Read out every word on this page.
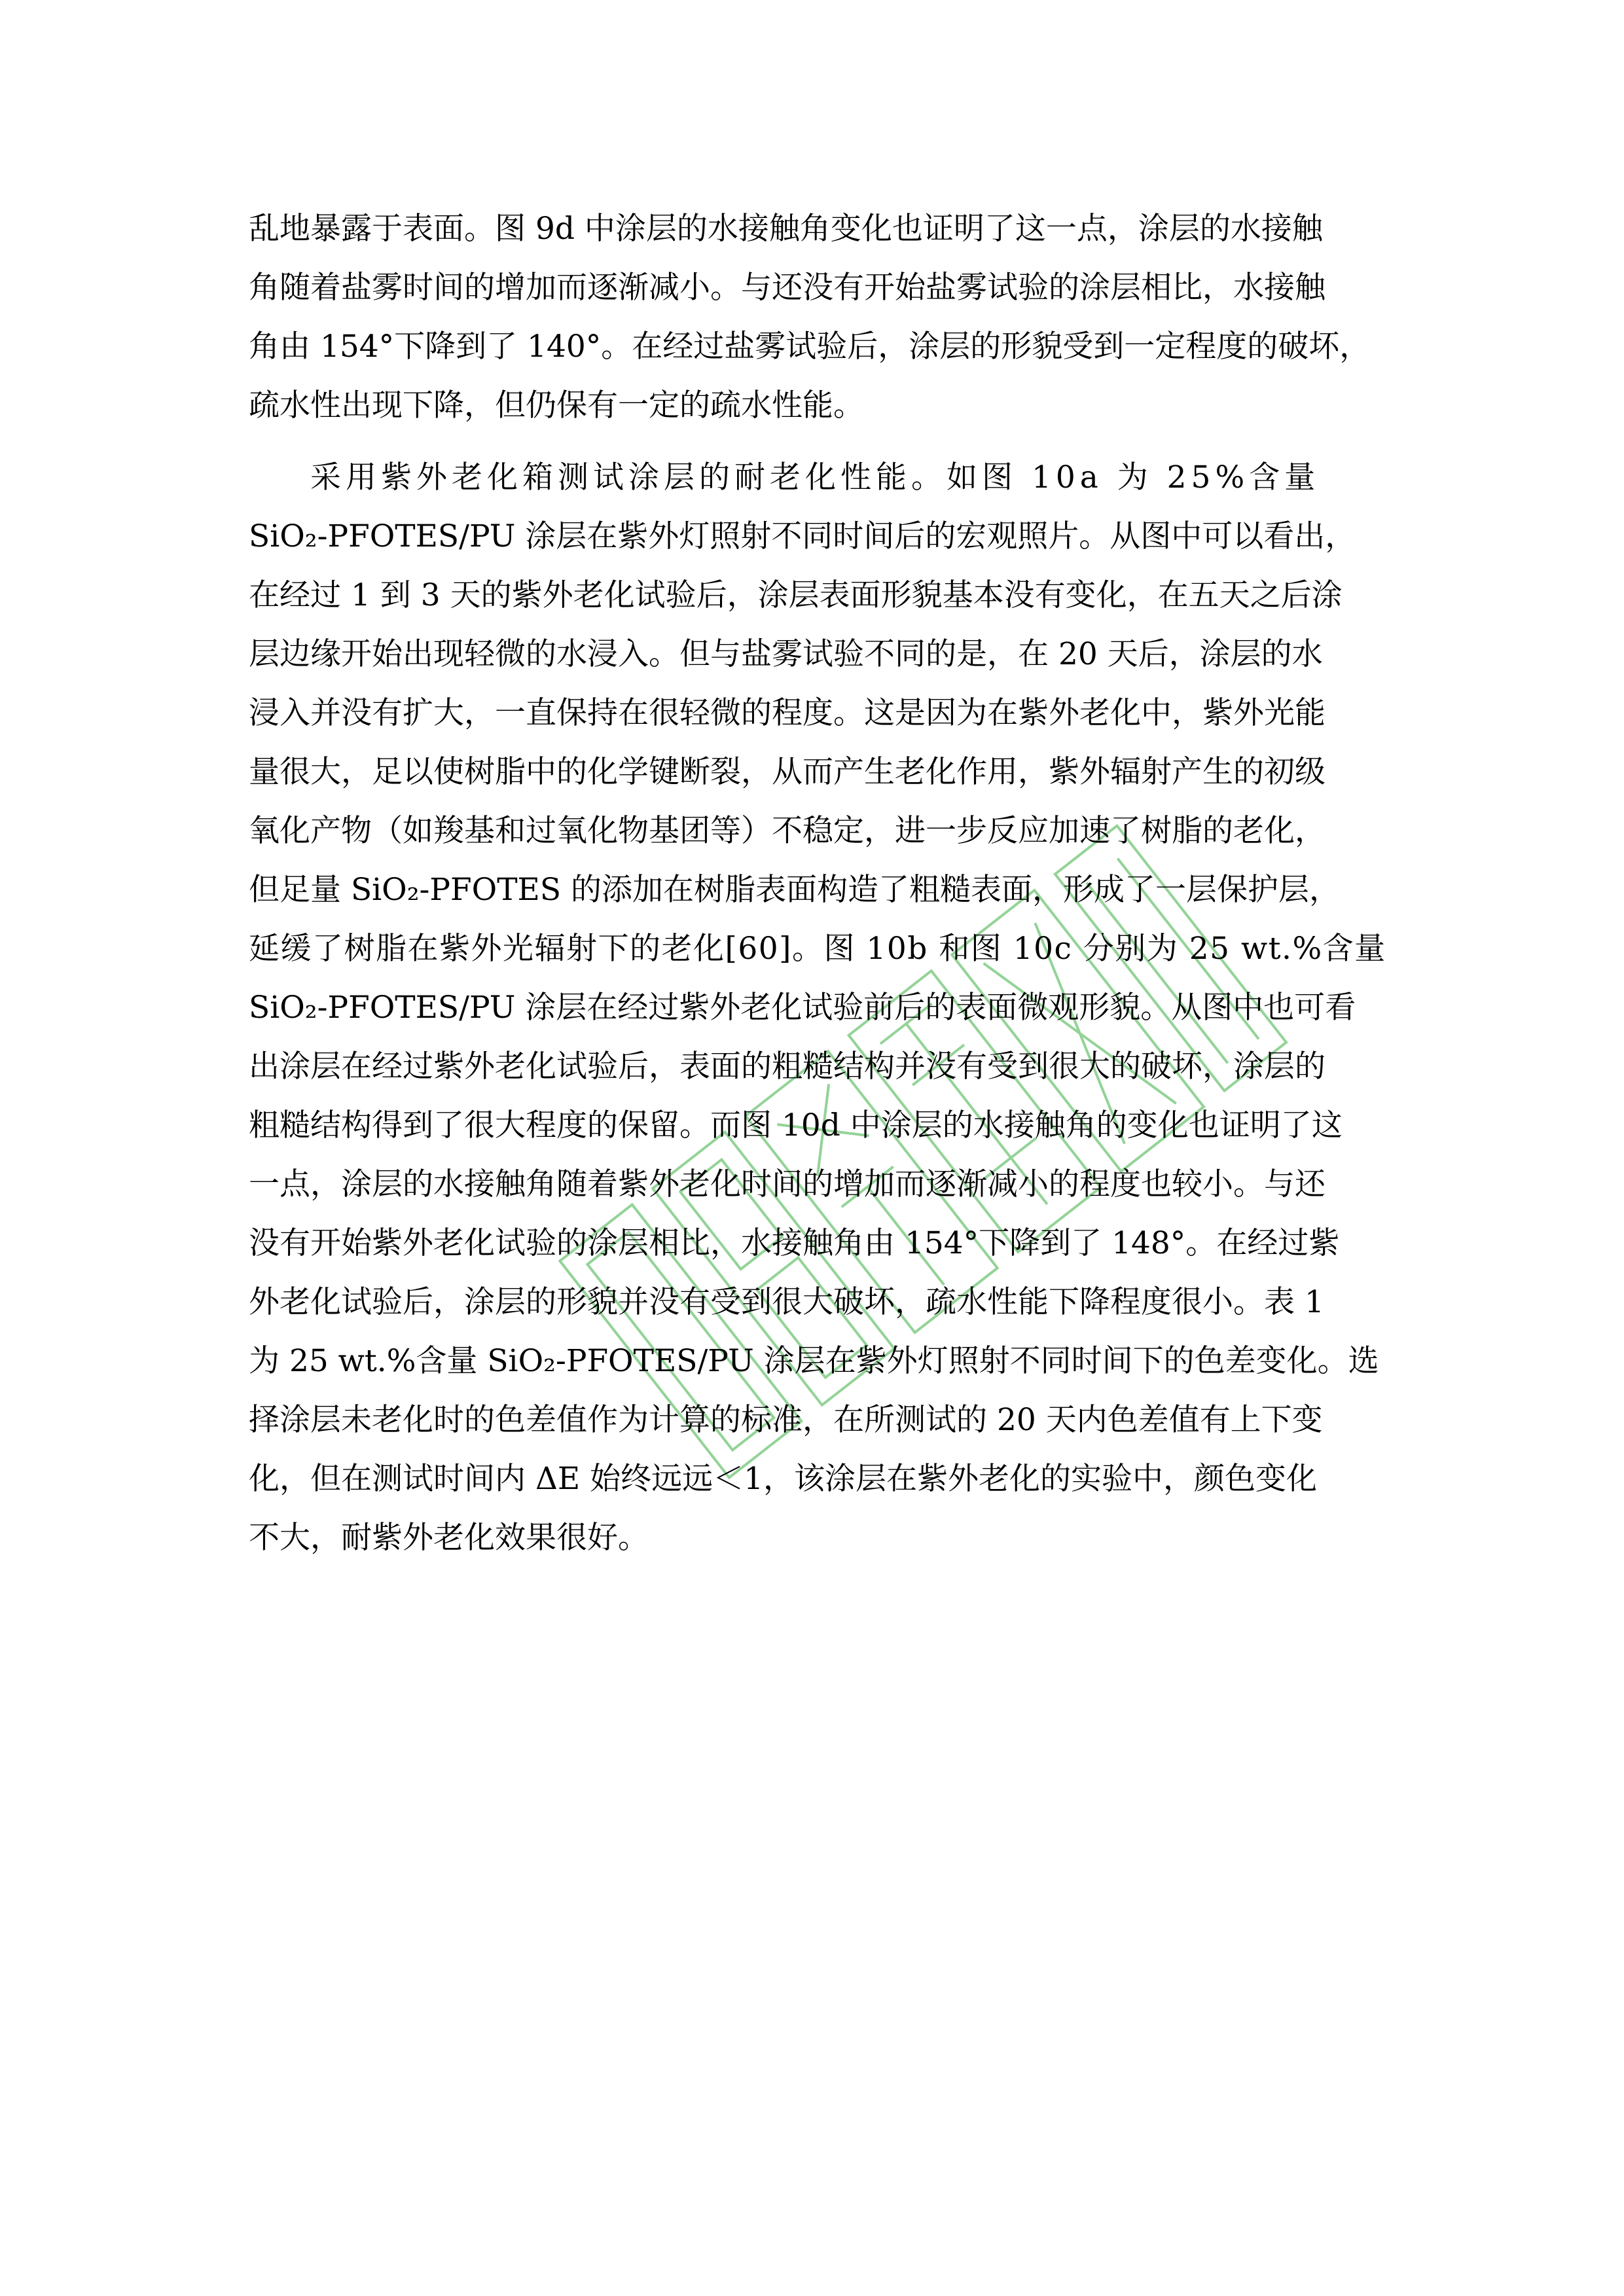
乱地暴露于表面。图 9d 中涂层的水接触角变化也证明了这一点，涂层的水接触
角随着盐雾时间的增加而逐渐减小。与还没有开始盐雾试验的涂层相比，水接触
角由 154°下降到了 140°。在经过盐雾试验后，涂层的形貌受到一定程度的破坏，
疏水性出现下降，但仍保有一定的疏水性能。
采用紫外老化箱测试涂层的耐老化性能。如图 10a 为 25%含量
SiO₂-PFOTES/PU 涂层在紫外灯照射不同时间后的宏观照片。从图中可以看出，
在经过 1 到 3 天的紫外老化试验后，涂层表面形貌基本没有变化，在五天之后涂
层边缘开始出现轻微的水浸入。但与盐雾试验不同的是，在 20 天后，涂层的水
浸入并没有扩大，一直保持在很轻微的程度。这是因为在紫外老化中，紫外光能
量很大，足以使树脂中的化学键断裂，从而产生老化作用，紫外辐射产生的初级
氧化产物（如羧基和过氧化物基团等）不稳定，进一步反应加速了树脂的老化，
但足量 SiO₂-PFOTES 的添加在树脂表面构造了粗糙表面，形成了一层保护层，
延缓了树脂在紫外光辐射下的老化[60]。图 10b 和图 10c 分别为 25 wt.%含量
SiO₂-PFOTES/PU 涂层在经过紫外老化试验前后的表面微观形貌。从图中也可看
出涂层在经过紫外老化试验后，表面的粗糙结构并没有受到很大的破坏，涂层的
粗糙结构得到了很大程度的保留。而图 10d 中涂层的水接触角的变化也证明了这
一点，涂层的水接触角随着紫外老化时间的增加而逐渐减小的程度也较小。与还
没有开始紫外老化试验的涂层相比，水接触角由 154°下降到了 148°。在经过紫
外老化试验后，涂层的形貌并没有受到很大破坏，疏水性能下降程度很小。表 1
为 25 wt.%含量 SiO₂-PFOTES/PU 涂层在紫外灯照射不同时间下的色差变化。选
择涂层未老化时的色差值作为计算的标准，在所测试的 20 天内色差值有上下变
化，但在测试时间内 ΔE 始终远远＜1，该涂层在紫外老化的实验中，颜色变化
不大，耐紫外老化效果很好。
